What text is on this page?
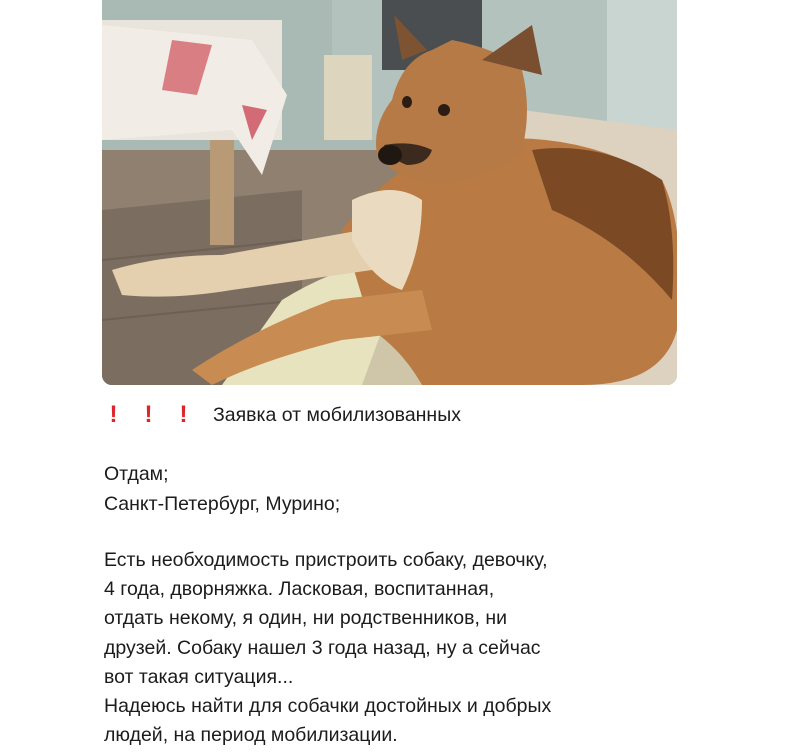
! ! ! Заявка от мобилизованных
Отдам;
Санкт-Петербург, Мурино;
Есть необходимость пристроить собаку, девочку,
4 года, дворняжка. Ласковая, воспитанная,
отдать некому, я один, ни родственников, ни
друзей. Собаку нашел 3 года назад, ну а сейчас
вот такая ситуация...
Надеюсь найти для собачки достойных и добрых
людей, на период мобилизации.
